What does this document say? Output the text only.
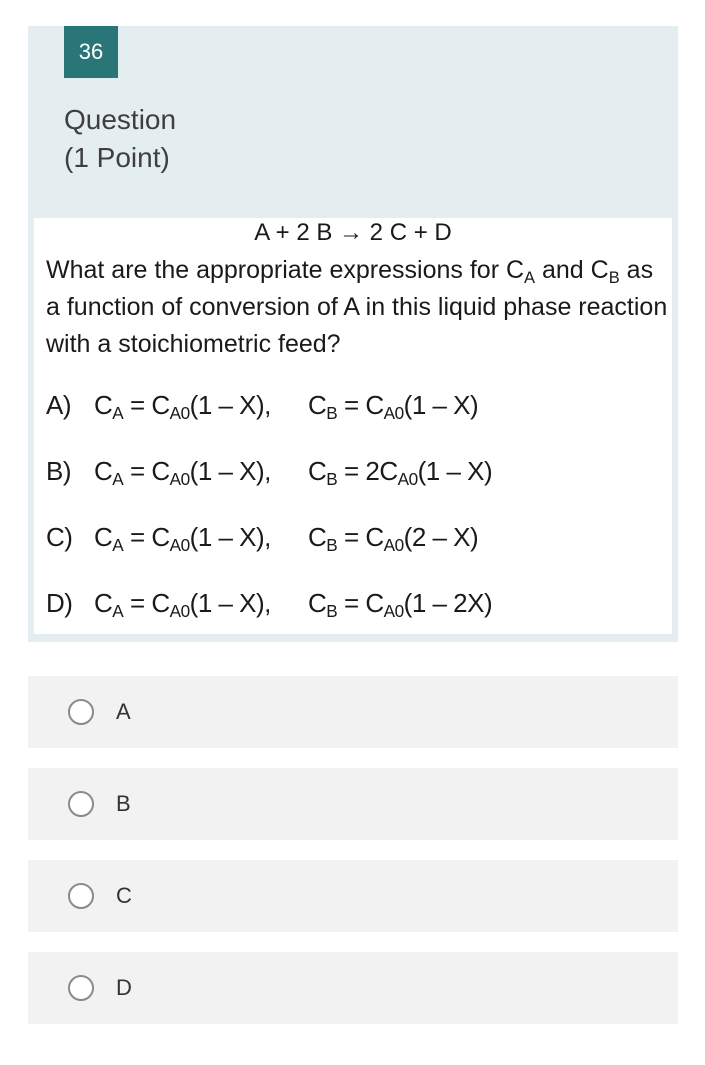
36
Question
(1 Point)
A + 2 B → 2 C + D
What are the appropriate expressions for $C_A$ and $C_B$ as a function of conversion of A in this liquid phase reaction with a stoichiometric feed?
A) $C_A = C_{A0}(1 - X)$,	$C_B = C_{A0}(1 - X)$
B) $C_A = C_{A0}(1 - X)$,	$C_B = 2C_{A0}(1 - X)$
C) $C_A = C_{A0}(1 - X)$,	$C_B = C_{A0}(2 - X)$
D) $C_A = C_{A0}(1 - X)$,	$C_B = C_{A0}(1 - 2X)$
A
B
C
D
